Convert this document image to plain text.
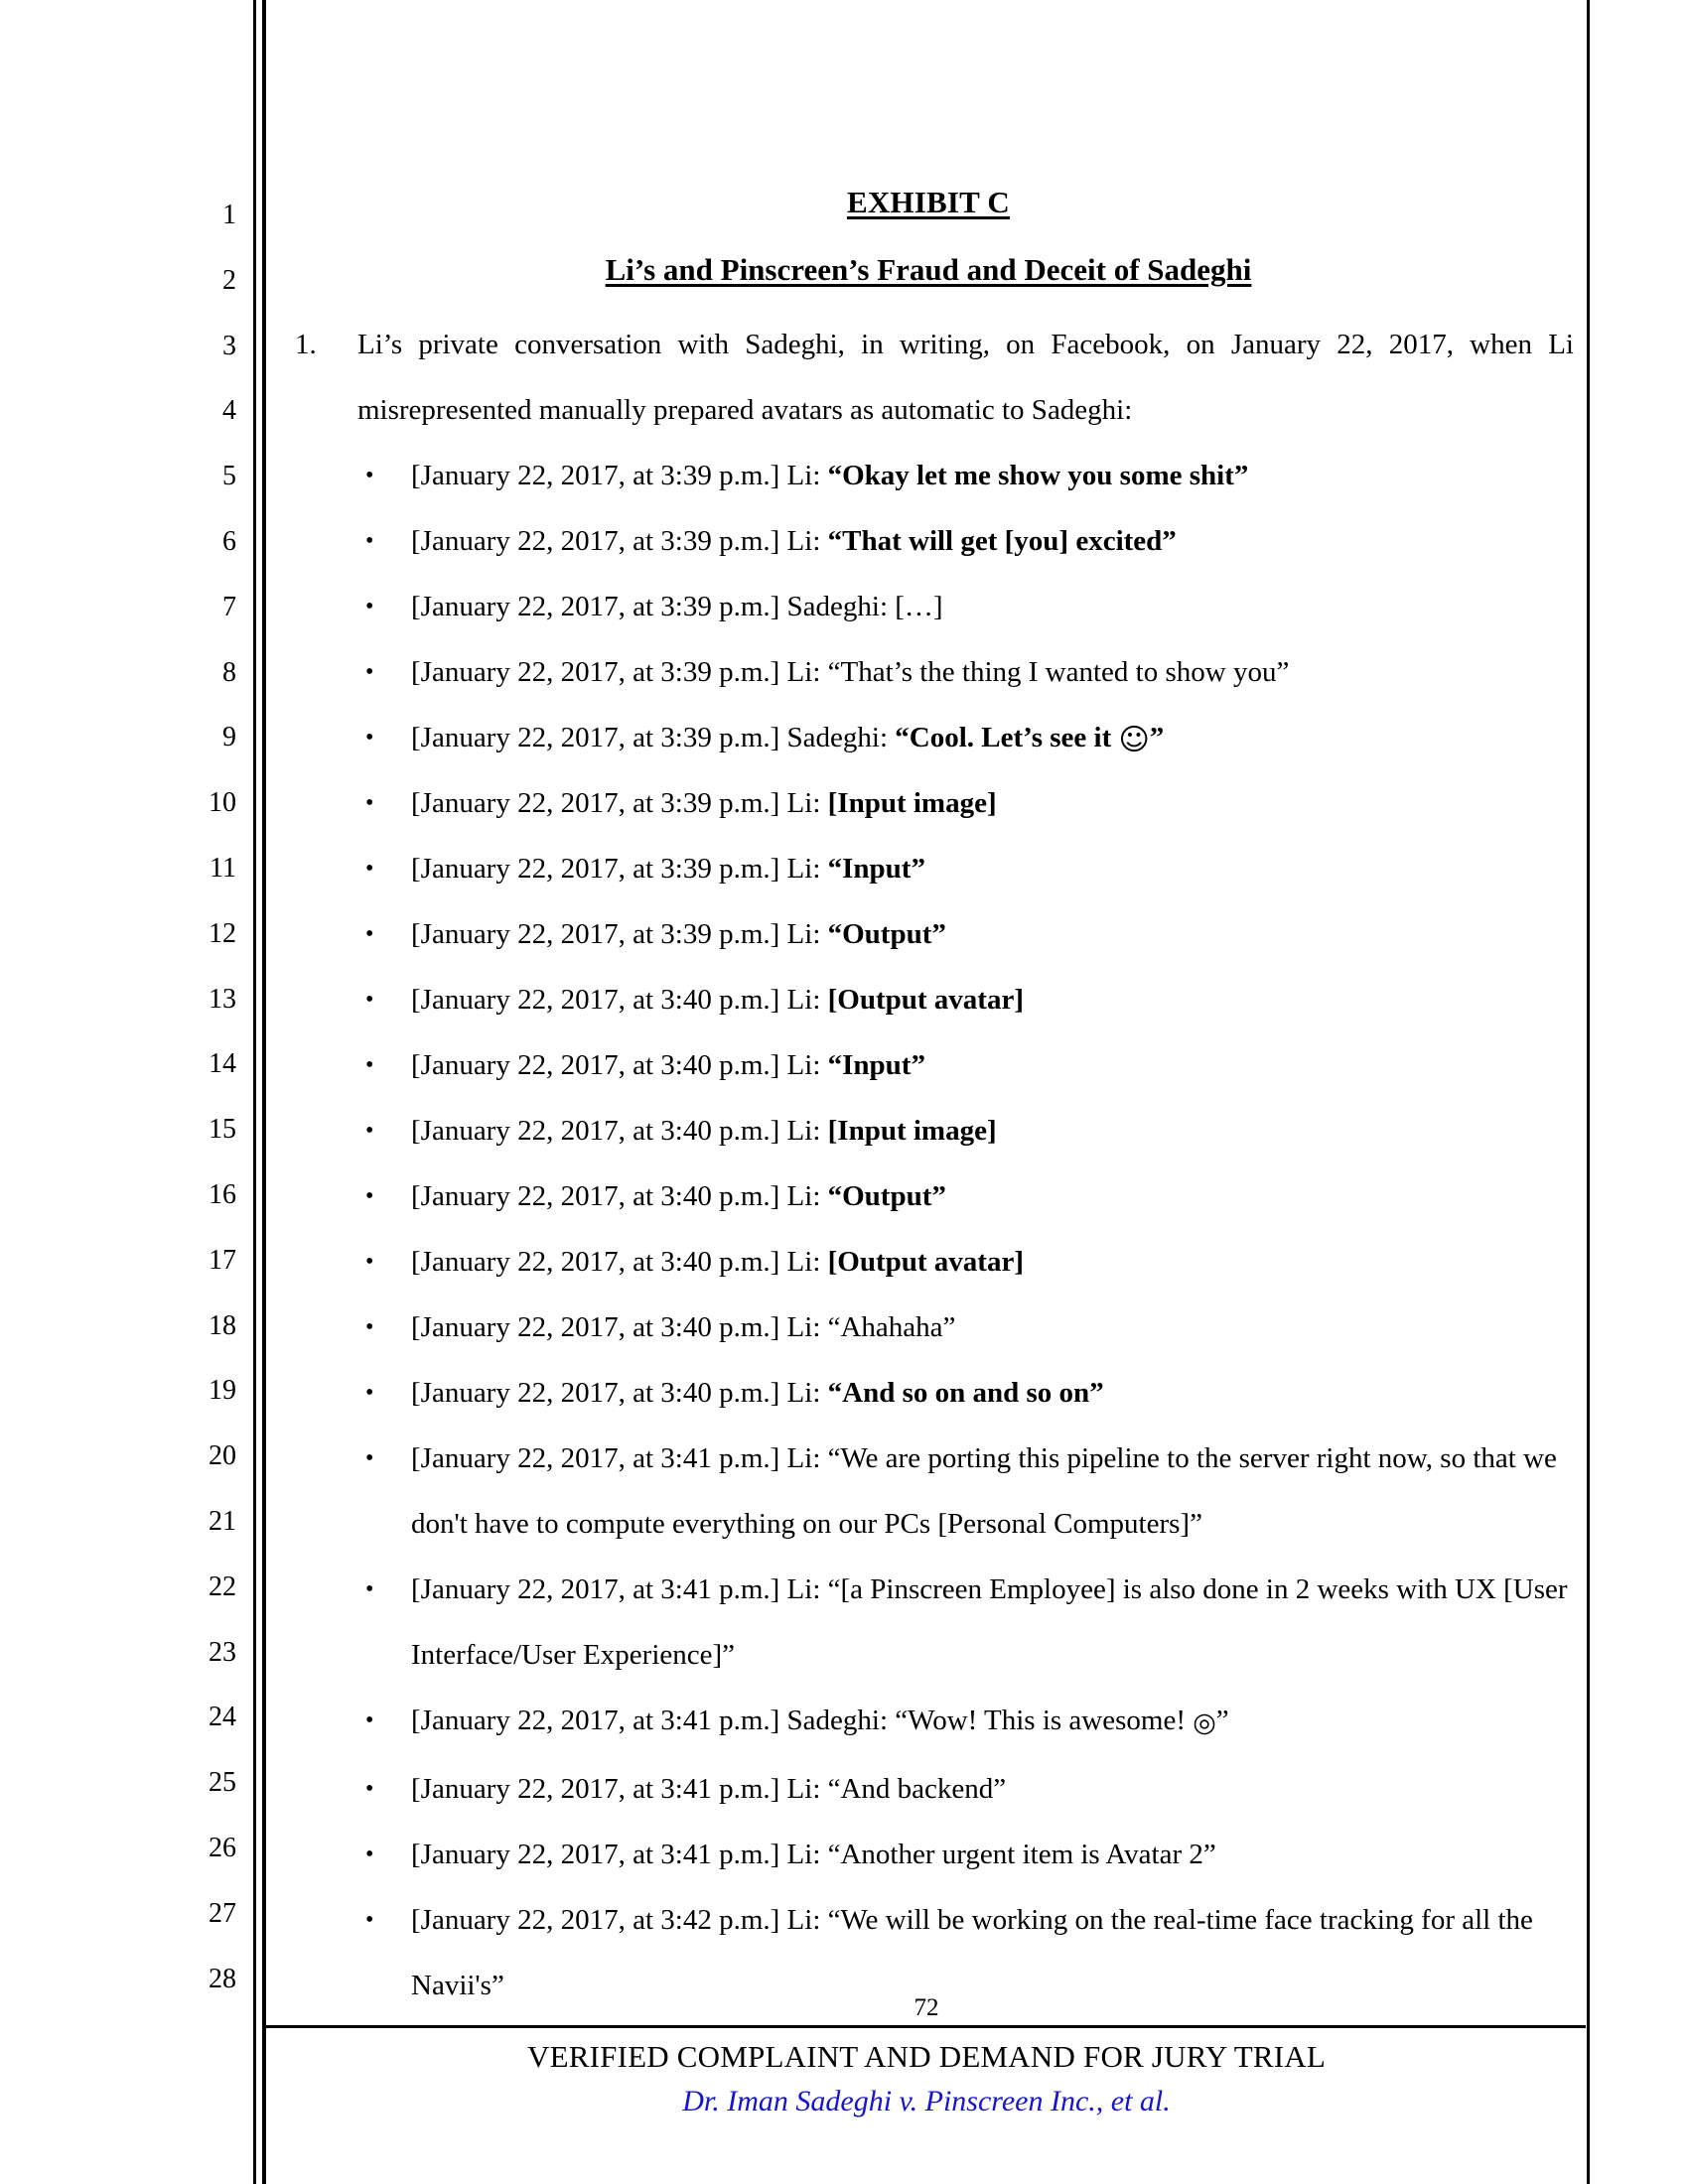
1
2
3
4
5
6
7
8
9
10
11
12
13
14
15
16
17
18
19
20
21
22
23
24
25
26
27
28
EXHIBIT C
Li’s and Pinscreen’s Fraud and Deceit of Sadeghi
1. Li’s private conversation with Sadeghi, in writing, on Facebook, on January 22, 2017, when Li misrepresented manually prepared avatars as automatic to Sadeghi:
• [January 22, 2017, at 3:39 p.m.] Li: “Okay let me show you some shit”
• [January 22, 2017, at 3:39 p.m.] Li: “That will get [you] excited”
• [January 22, 2017, at 3:39 p.m.] Sadeghi: […]
• [January 22, 2017, at 3:39 p.m.] Li: “That’s the thing I wanted to show you”
• [January 22, 2017, at 3:39 p.m.] Sadeghi: “Cool. Let’s see it ☺”
• [January 22, 2017, at 3:39 p.m.] Li: [Input image]
• [January 22, 2017, at 3:39 p.m.] Li: “Input”
• [January 22, 2017, at 3:39 p.m.] Li: “Output”
• [January 22, 2017, at 3:40 p.m.] Li: [Output avatar]
• [January 22, 2017, at 3:40 p.m.] Li: “Input”
• [January 22, 2017, at 3:40 p.m.] Li: [Input image]
• [January 22, 2017, at 3:40 p.m.] Li: “Output”
• [January 22, 2017, at 3:40 p.m.] Li: [Output avatar]
• [January 22, 2017, at 3:40 p.m.] Li: “Ahahaha”
• [January 22, 2017, at 3:40 p.m.] Li: “And so on and so on”
• [January 22, 2017, at 3:41 p.m.] Li: “We are porting this pipeline to the server right now, so that we don't have to compute everything on our PCs [Personal Computers]”
• [January 22, 2017, at 3:41 p.m.] Li: “[a Pinscreen Employee] is also done in 2 weeks with UX [User Interface/User Experience]”
• [January 22, 2017, at 3:41 p.m.] Sadeghi: “Wow! This is awesome! ◎”
• [January 22, 2017, at 3:41 p.m.] Li: “And backend”
• [January 22, 2017, at 3:41 p.m.] Li: “Another urgent item is Avatar 2”
• [January 22, 2017, at 3:42 p.m.] Li: “We will be working on the real-time face tracking for all the Navii's”
72
VERIFIED COMPLAINT AND DEMAND FOR JURY TRIAL
Dr. Iman Sadeghi v. Pinscreen Inc., et al.
